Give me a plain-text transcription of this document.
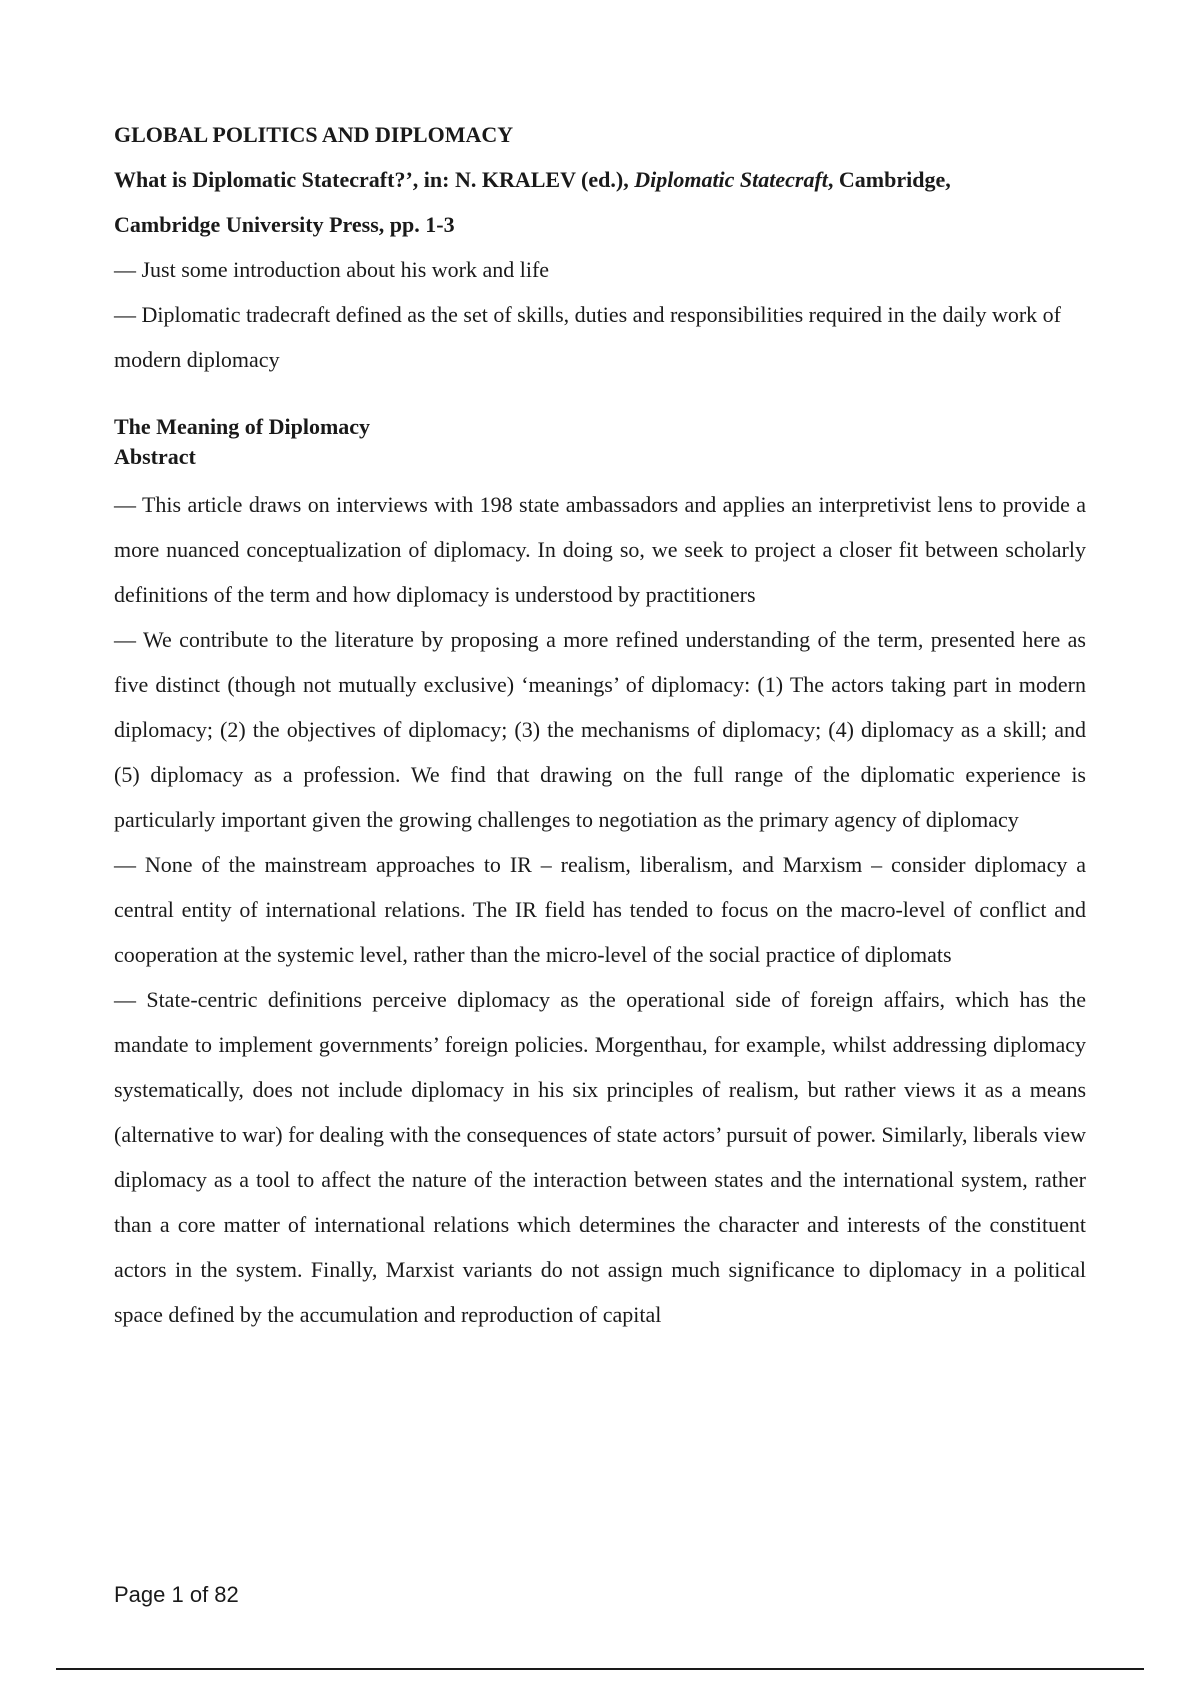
GLOBAL POLITICS AND DIPLOMACY

What is Diplomatic Statecraft?’, in: N. KRALEV (ed.), Diplomatic Statecraft, Cambridge,

Cambridge University Press, pp. 1-3

— Just some introduction about his work and life

— Diplomatic tradecraft defined as the set of skills, duties and responsibilities required in the daily work of modern diplomacy

The Meaning of Diplomacy

Abstract

— This article draws on interviews with 198 state ambassadors and applies an interpretivist lens to provide a more nuanced conceptualization of diplomacy. In doing so, we seek to project a closer fit between scholarly definitions of the term and how diplomacy is understood by practitioners

— We contribute to the literature by proposing a more refined understanding of the term, presented here as five distinct (though not mutually exclusive) ‘meanings’ of diplomacy: (1) The actors taking part in modern diplomacy; (2) the objectives of diplomacy; (3) the mechanisms of diplomacy; (4) diplomacy as a skill; and (5) diplomacy as a profession. We find that drawing on the full range of the diplomatic experience is particularly important given the growing challenges to negotiation as the primary agency of diplomacy

— None of the mainstream approaches to IR – realism, liberalism, and Marxism – consider diplomacy a central entity of international relations. The IR field has tended to focus on the macro-level of conflict and cooperation at the systemic level, rather than the micro-level of the social practice of diplomats

— State-centric definitions perceive diplomacy as the operational side of foreign affairs, which has the mandate to implement governments’ foreign policies. Morgenthau, for example, whilst addressing diplomacy systematically, does not include diplomacy in his six principles of realism, but rather views it as a means (alternative to war) for dealing with the consequences of state actors’ pursuit of power. Similarly, liberals view diplomacy as a tool to affect the nature of the interaction between states and the international system, rather than a core matter of international relations which determines the character and interests of the constituent actors in the system. Finally, Marxist variants do not assign much significance to diplomacy in a political space defined by the accumulation and reproduction of capital

Page 1 of 82
